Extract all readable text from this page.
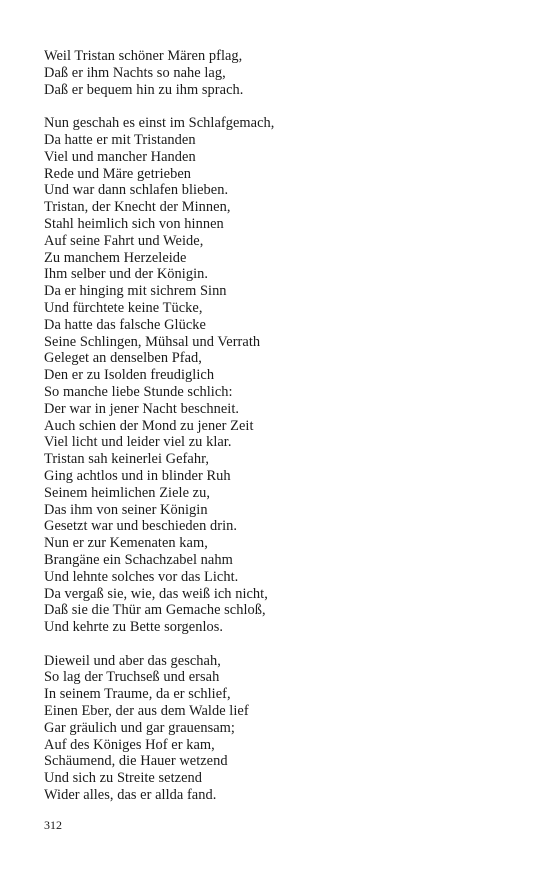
Weil Tristan schöner Mären pflag,
Daß er ihm Nachts so nahe lag,
Daß er bequem hin zu ihm sprach.
Nun geschah es einst im Schlafgemach,
Da hatte er mit Tristanden
Viel und mancher Handen
Rede und Märe getrieben
Und war dann schlafen blieben.
Tristan, der Knecht der Minnen,
Stahl heimlich sich von hinnen
Auf seine Fahrt und Weide,
Zu manchem Herzeleide
Ihm selber und der Königin.
Da er hinging mit sichrem Sinn
Und fürchtete keine Tücke,
Da hatte das falsche Glücke
Seine Schlingen, Mühsal und Verrath
Geleget an denselben Pfad,
Den er zu Isolden freudiglich
So manche liebe Stunde schlich:
Der war in jener Nacht beschneit.
Auch schien der Mond zu jener Zeit
Viel licht und leider viel zu klar.
Tristan sah keinerlei Gefahr,
Ging achtlos und in blinder Ruh
Seinem heimlichen Ziele zu,
Das ihm von seiner Königin
Gesetzt war und beschieden drin.
Nun er zur Kemenaten kam,
Brangäne ein Schachzabel nahm
Und lehnte solches vor das Licht.
Da vergaß sie, wie, das weiß ich nicht,
Daß sie die Thür am Gemache schloß,
Und kehrte zu Bette sorgenlos.
Dieweil und aber das geschah,
So lag der Truchseß und ersah
In seinem Traume, da er schlief,
Einen Eber, der aus dem Walde lief
Gar gräulich und gar grauensam;
Auf des Königes Hof er kam,
Schäumend, die Hauer wetzend
Und sich zu Streite setzend
Wider alles, das er allda fand.
312
